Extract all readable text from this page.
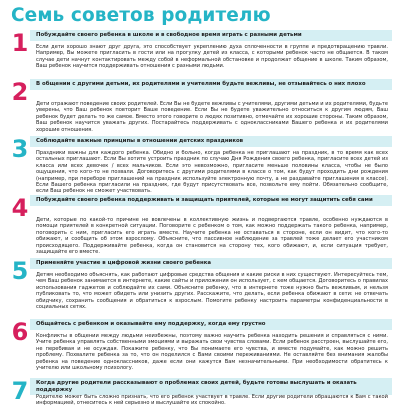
Семь советов родителю
1	Побуждайте своего ребенка в школе и в свободное время играть с разными детьми
Если дети хорошо знают друг друга, это способствует укреплению духа сплоченности в группе и предотвращению травли. Например, Вы можете пригласить в гости или на прогулку детей из класса, с которыми ребенок часто не общается. В таком случае дети начнут контактировать между собой в неформальной обстановке и продолжат общение в школе. Таким образом, Ваш ребенок научится поддерживать отношения с разными людьми.
2	В общении с другими детьми, их родителями и учителями будьте вежливы, не отзывайтесь о них плохо
Дети отражают поведение своих родителей. Если Вы не будете вежливы с учителями, другими детьми и их родителями, будьте уверены, что Ваш ребенок повторит Ваше поведение. Если Вы не будете уважительно относиться к другим людям, Ваш ребенок будет делать то же самое. Вместо этого говорите о людях позитивно, отмечайте их хорошие стороны. Таким образом, Ваш ребенок научится уважать других. Постарайтесь поддерживать с одноклассниками Вашего ребенка и их родителями хорошие отношения.
3	Соблюдайте важные принципы в отношении детских праздников
Праздники важны для каждого ребенка. Обидно и больно, когда ребенка не приглашают на праздник, в то время как всех остальных приглашают. Если Вы хотите устроить праздник по случаю Дня Рождения своего ребенка, пригласите всех детей из класса или всех девочек / всех мальчиков. Если это невозможно, пригласите меньше половины класса, чтобы не было ощущения, что кого-то не позвали. Договоритесь с другими родителями в классе о том, как будут проходить дни рождения (например, при переборе приглашений на праздник используйте электронную почту, а не раздавайте приглашения в классе). Если Вашего ребенка пригласили на праздник, где будут присутствовать все, позвольте ему пойти. Обязательно сообщите, если Ваш ребенок не сможет участвовать.
4	Побуждайте своего ребенка поддерживать и защищать приятелей, которые не могут защитить себя сами
Дети, которые по какой-то причине не вовлечены в коллективную жизнь и подвергаются травле, особенно нуждаются в помощи приятелей в конкретной ситуации. Поговорите с ребенком о том, как можно поддержать такого ребенка, например, поговорить с ним, пригласить его играть вместе. Научите ребенка не оставаться в стороне, если он видит, что кого-то обижают, и сообщить об этом взрослому. Объясните, что пассивное наблюдение за травлей тоже делает его участником происходящего. Поддерживайте ребенка, когда он становится на сторону тех, кого обижают, и, если ситуация требует, защищайте его вместе.
5	Применяйте участие в цифровой жизни своего ребенка
Детям необходимо объяснять, как работают цифровые средства общения и какие риски в них существуют. Интересуйтесь тем, чем Ваш ребенок занимается в интернете, какие сайты и приложения он использует, с кем общается. Договоритесь о правилах использования гаджетов и соблюдайте их сами. Объясните ребенку, что в интернете тоже нужно быть вежливым, и нельзя публиковать то, что может обидеть или унизить других. Расскажите, что делать, если ребенка обижают в сети: не отвечать обидчику, сохранить сообщения и обратиться к взрослым. Помогите ребенку настроить параметры конфиденциальности в социальных сетях.
6	Общайтесь с ребенком и оказывайте ему поддержку, когда ему грустно
Конфликты в общении между людьми неизбежны, поэтому важно научить ребенка находить решения и справляться с ними. Учите ребенка управлять собственными эмоциями и выражать свои чувства словами. Если ребенок расстроен, выслушайте его, не перебивая и не осуждая. Покажите ребенку, что Вы понимаете его чувства, и вместе подумайте, как можно решить проблему. Похвалите ребенка за то, что он поделился с Вами своими переживаниями. Не оставляйте без внимания жалобы ребенка на поведение одноклассников, даже если они кажутся Вам незначительными. При необходимости обратитесь к учителю или школьному психологу.
7	Когда другие родители рассказывают о проблемах своих детей, будьте готовы выслушать и оказать поддержку
Родителю может быть сложно признать, что его ребенок участвует в травле. Если другие родители обращаются к Вам с такой информацией, отнеситесь к ней серьезно и выслушайте их спокойно.
